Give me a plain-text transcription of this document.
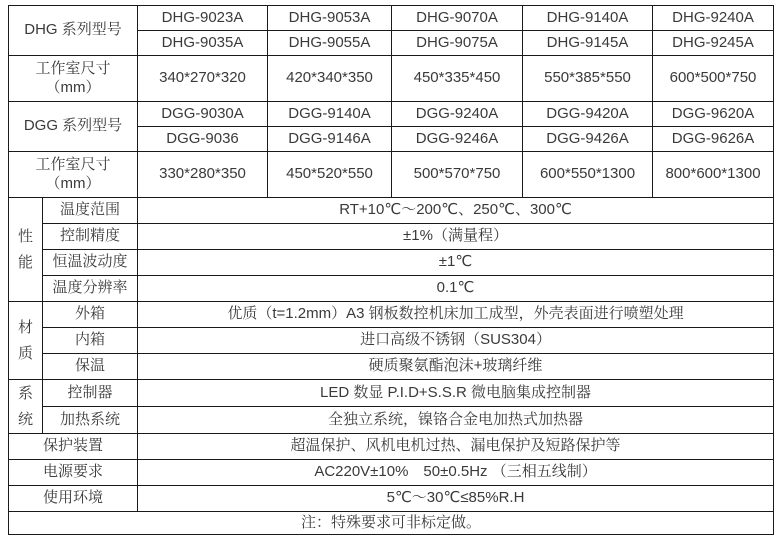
DHG 系列型号		DHG-9023A	DHG-9053A	DHG-9070A	DHG-9140A	DHG-9240A
		DHG-9035A	DHG-9055A	DHG-9075A	DHG-9145A	DHG-9245A

工作室尺寸
（mm）		340*270*320	420*340*350	450*335*450	550*385*550	600*500*750
DGG 系列型号		DGG-9030A	DGG-9140A	DGG-9240A	DGG-9420A	DGG-9620A
		DGG-9036	DGG-9146A	DGG-9246A	DGG-9426A	DGG-9626A

工作室尺寸
（mm）		330*280*350	450*520*550	500*570*750	600*550*1300	800*600*1300
性能	温度范围	RT+10℃～200℃、250℃、300℃				
	控制精度	±1%（满量程）				
	恒温波动度	±1℃				
	温度分辨率	0.1℃				
材质	外箱	优质（t=1.2mm）A3 钢板数控机床加工成型，外壳表面进行喷塑处理				
	内箱	进口高级不锈钢（SUS304）				
	保温	硬质聚氨酯泡沫+玻璃纤维				
系统	控制器	LED 数显 P.I.D+S.S.R 微电脑集成控制器				
	加热系统	全独立系统，镍铬合金电加热式加热器				
保护装置		超温保护、风机电机过热、漏电保护及短路保护等				
电源要求		AC220V±10%　50±0.5Hz （三相五线制）				
使用环境		5℃～30℃≤85%R.H				
注：特殊要求可非标定做。						
